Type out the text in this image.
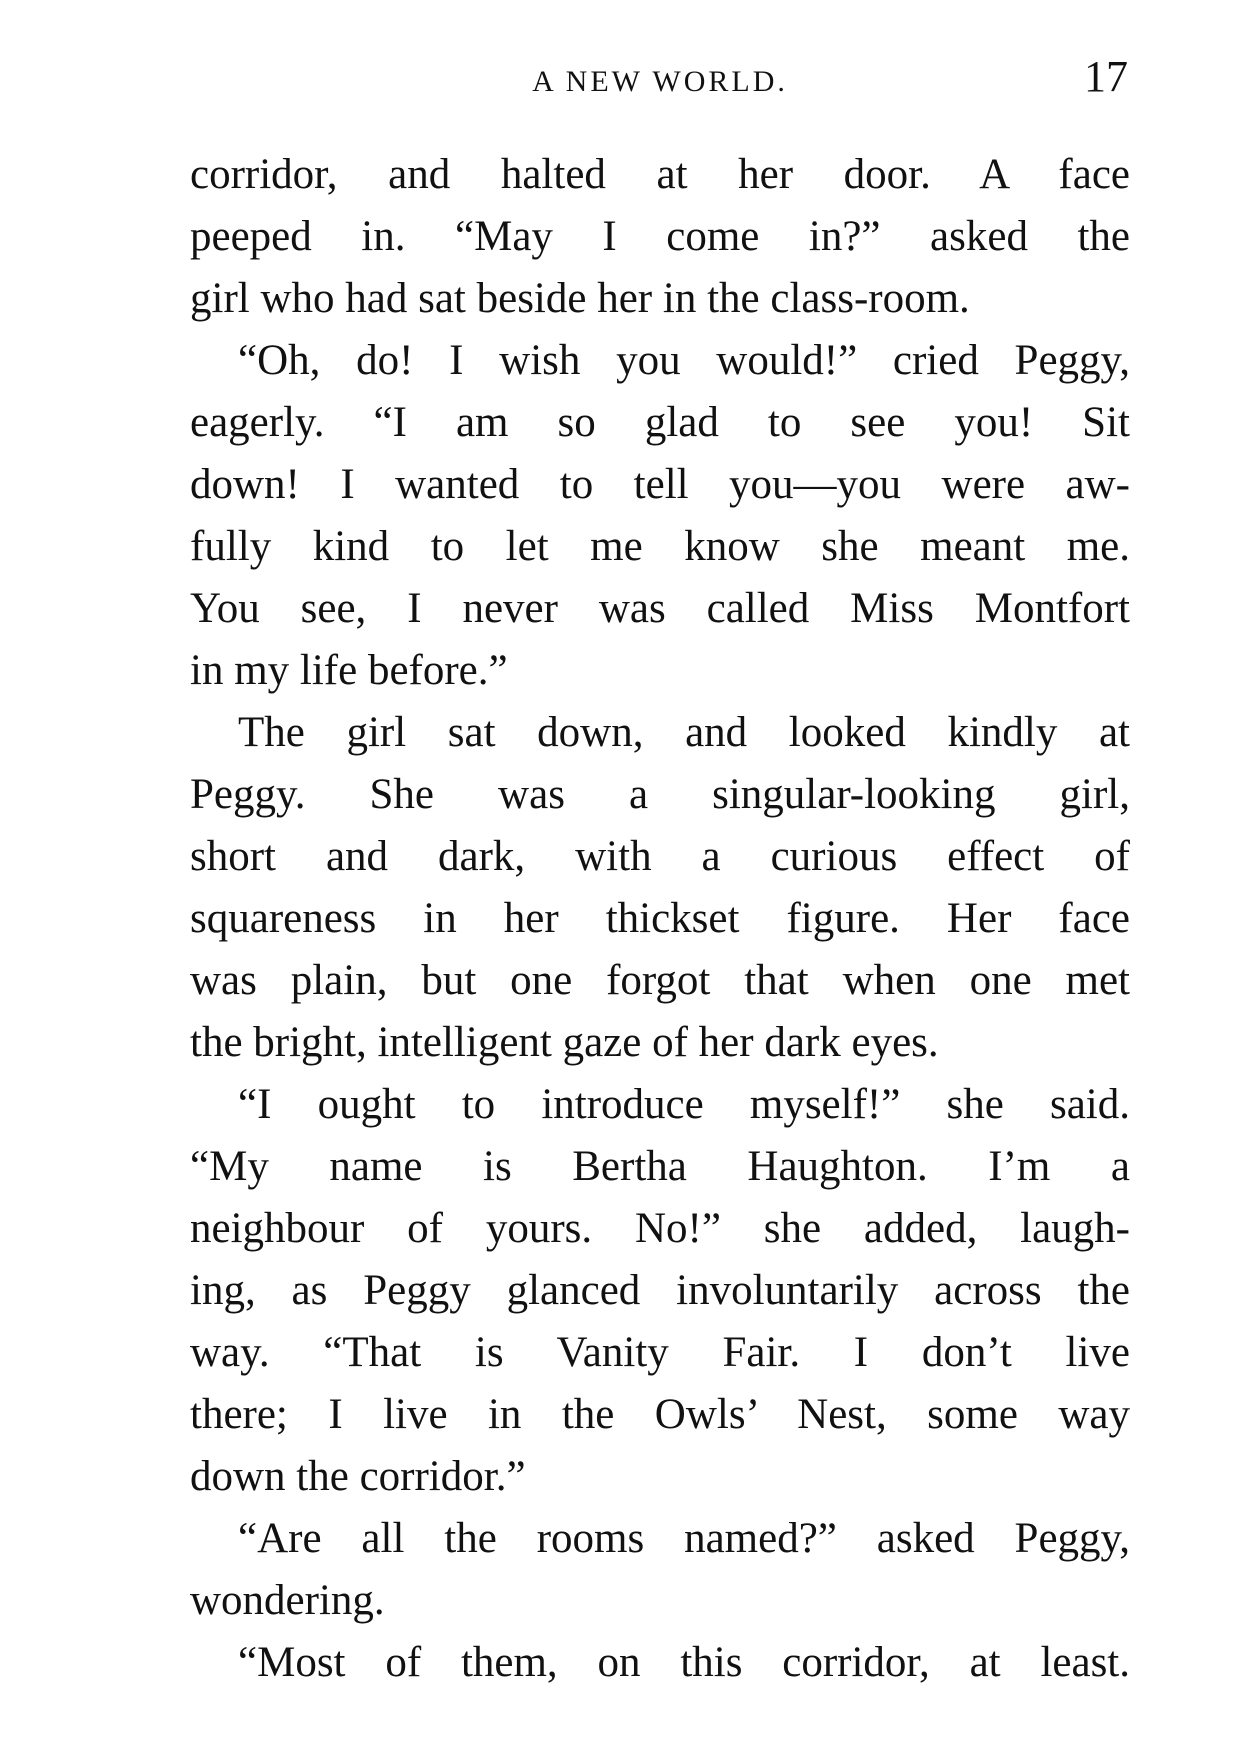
A NEW WORLD.	17
corridor, and halted at her door. A face
peeped in. “May I come in?” asked the
girl who had sat beside her in the class-room.
“Oh, do! I wish you would!” cried Peggy,
eagerly. “I am so glad to see you! Sit
down! I wanted to tell you—you were aw-
fully kind to let me know she meant me.
You see, I never was called Miss Montfort
in my life before.”
The girl sat down, and looked kindly at
Peggy. She was a singular-looking girl,
short and dark, with a curious effect of
squareness in her thickset figure. Her face
was plain, but one forgot that when one met
the bright, intelligent gaze of her dark eyes.
“I ought to introduce myself!” she said.
“My name is Bertha Haughton. I’m a
neighbour of yours. No!” she added, laugh-
ing, as Peggy glanced involuntarily across the
way. “That is Vanity Fair. I don’t live
there; I live in the Owls’ Nest, some way
down the corridor.”
“Are all the rooms named?” asked Peggy,
wondering.
“Most of them, on this corridor, at least.
